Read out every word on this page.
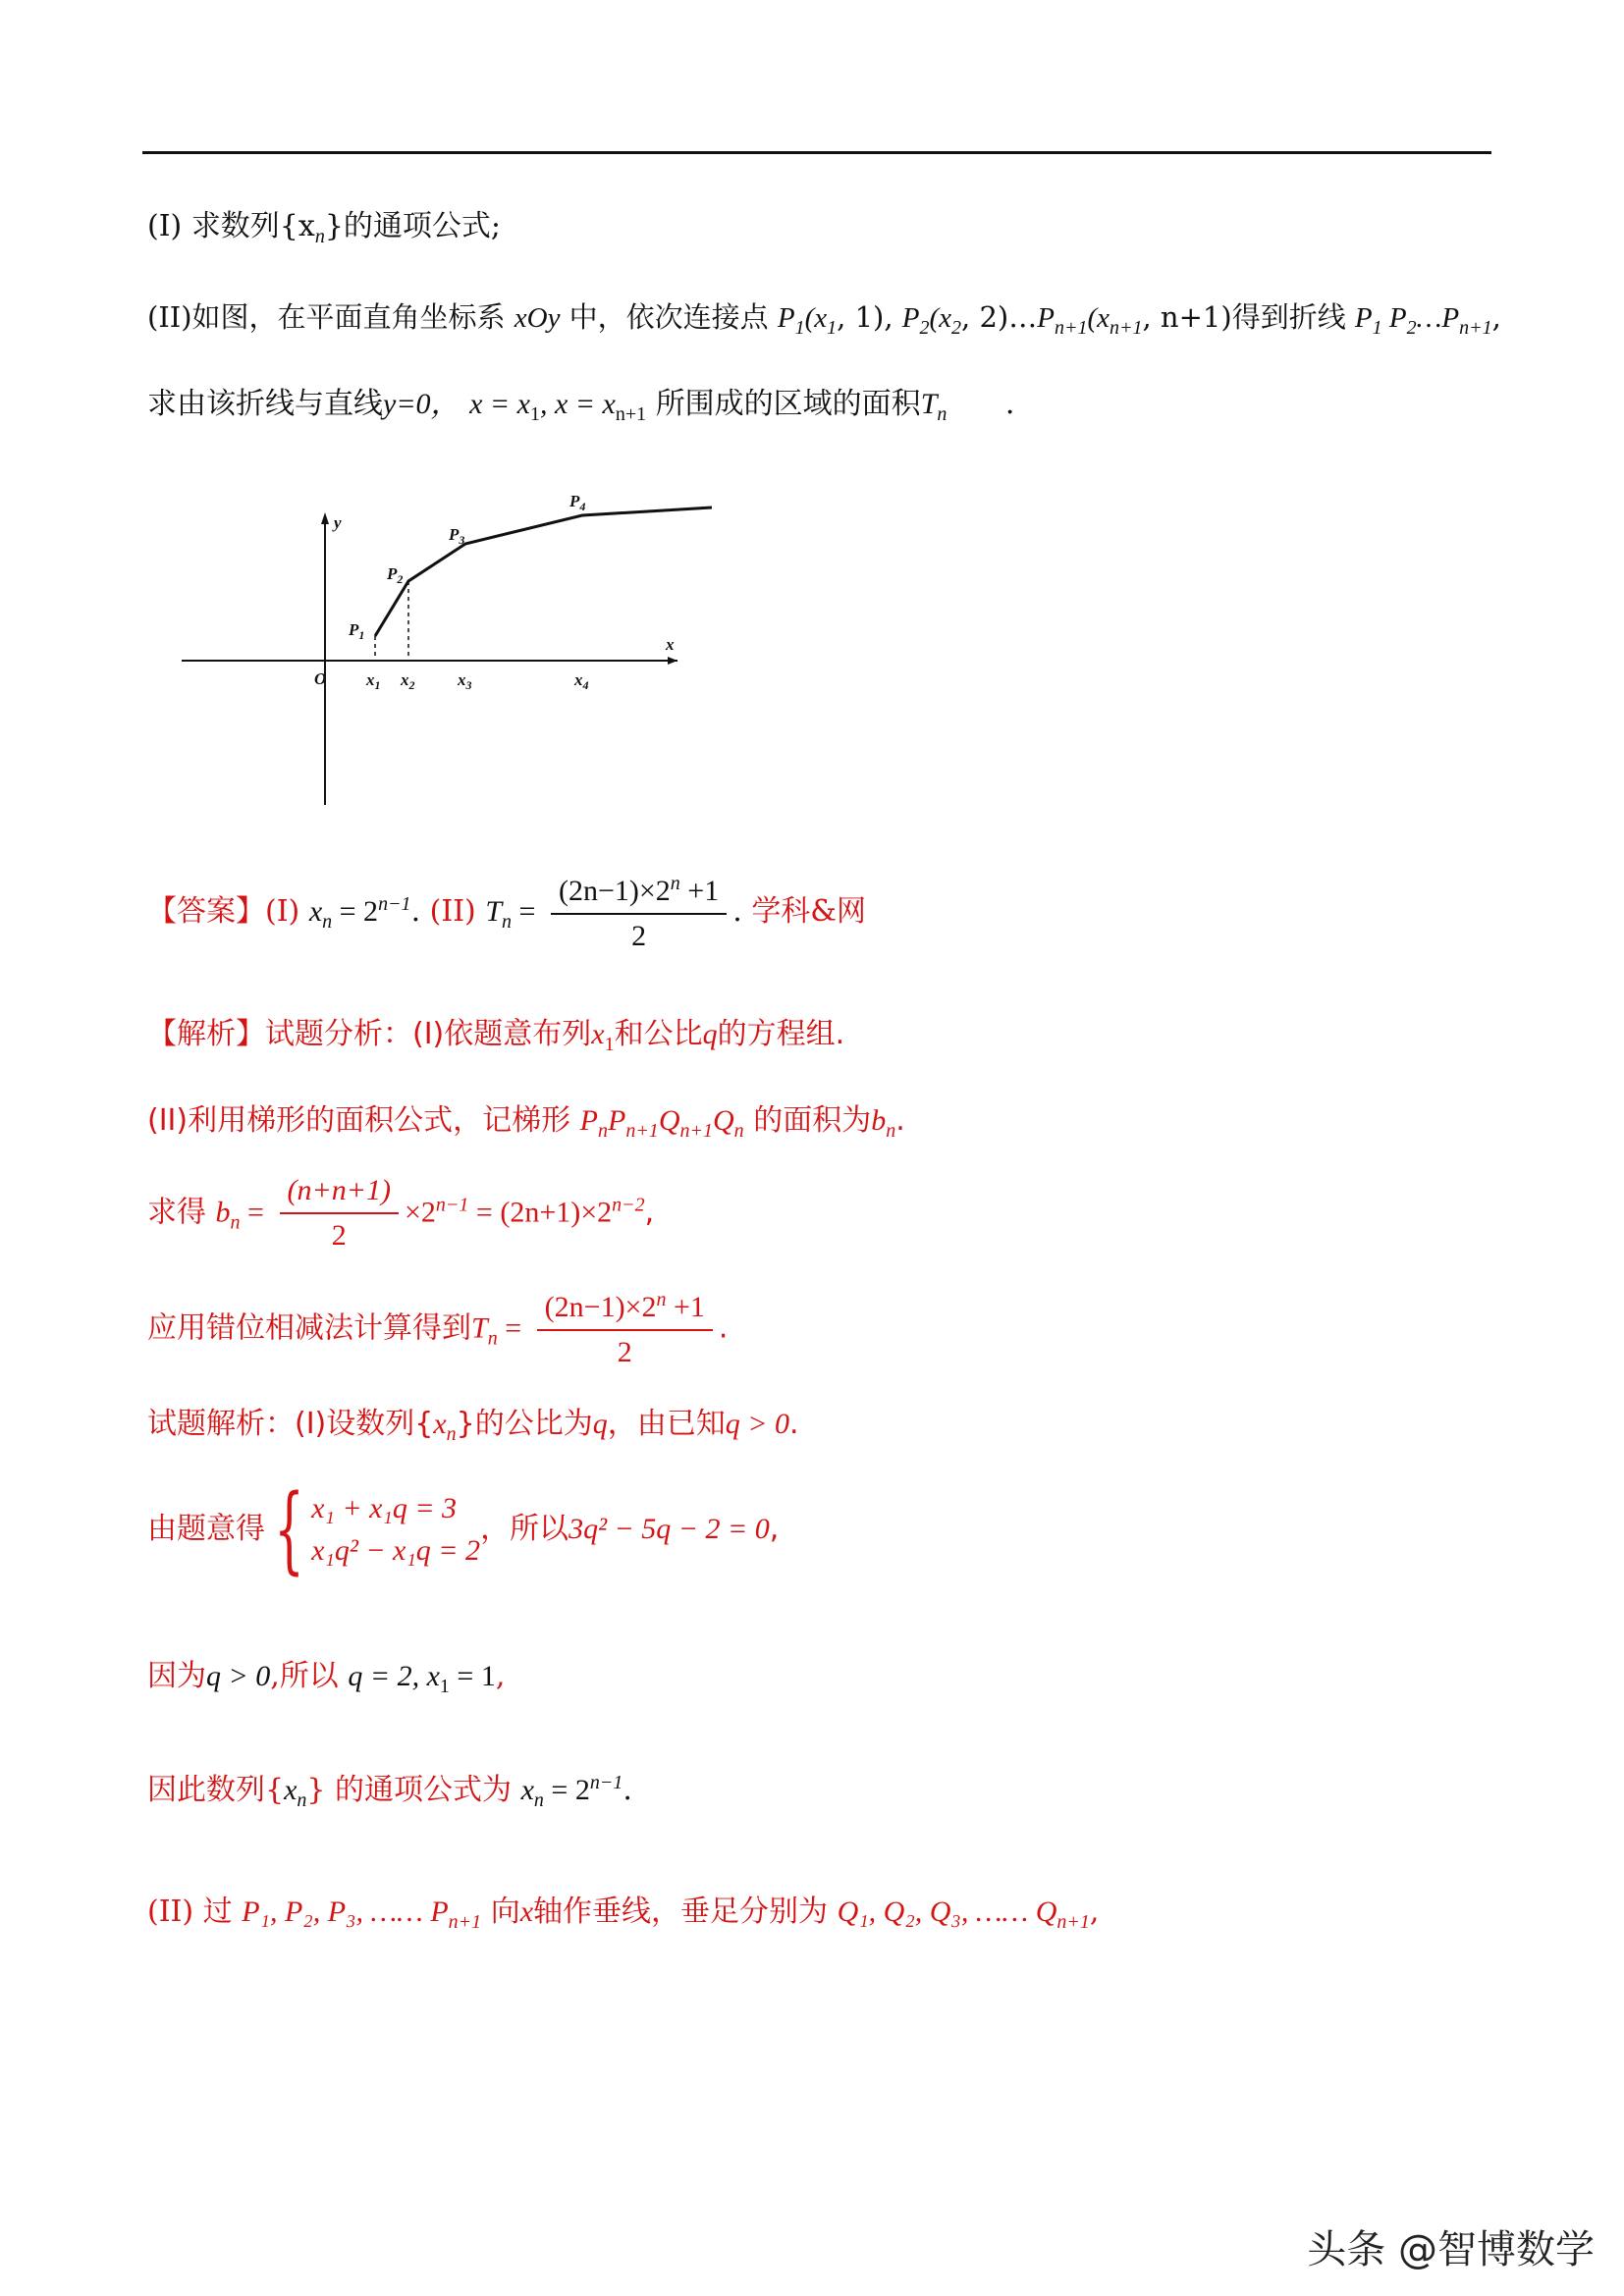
(I) 求数列$\{x_n\}$的通项公式;
(II)如图，在平面直角坐标系 xOy 中，依次连接点 $P_1(x_1$, 1), $P_2(x_2$, $2)\dots P_{n+1}(x_{n+1}$, n+1)得到折线 $P_1$ $P_2\dots P_{n+1}$,
求由该折线与直线y=0， $x = x_1$, $x = x_{n+1}$ 所围成的区域的面积$T_n$ .
y
x
O
$P_1$
$P_2$
$P_3$
$P_4$
$x_1$ $x_2$	$x_3$	$x_4$
【答案】(I) $x_n = 2^{n-1}$. (II) $T_n = \frac{(2n-1)\times 2^n +1}{2}$ . 学科&网
【解析】试题分析：(I)依题意布列$x_1$和公比q的方程组.
(II)利用梯形的面积公式，记梯形 $P_nP_{n+1}Q_{n+1}Q_n$ 的面积为$b_n$.
求得 $b_n = \frac{(n+n+1)}{2} \times 2^{n-1} = (2n+1)\times 2^{n-2}$,
应用错位相减法计算得到$T_n = \frac{(2n-1)\times 2^n +1}{2}$ .
试题解析：(I)设数列$\{x_n\}$的公比为q，由已知q > 0.
由题意得{ x₁ + x₁q = 3
x₁q² − x₁q = 2
，所以3q² − 5q − 2 = 0,
因为q > 0,所以 q = 2, $x_1 = 1$,
因此数列$\{x_n\}$ 的通项公式为 $x_n = 2^{n-1}$.
(II) 过 P₁, P₂, P₃, …… $P_{n+1}$ 向x轴作垂线，垂足分别为 Q₁, Q₂, Q₃, …… $Q_{n+1}$,
头条 @智博数学
